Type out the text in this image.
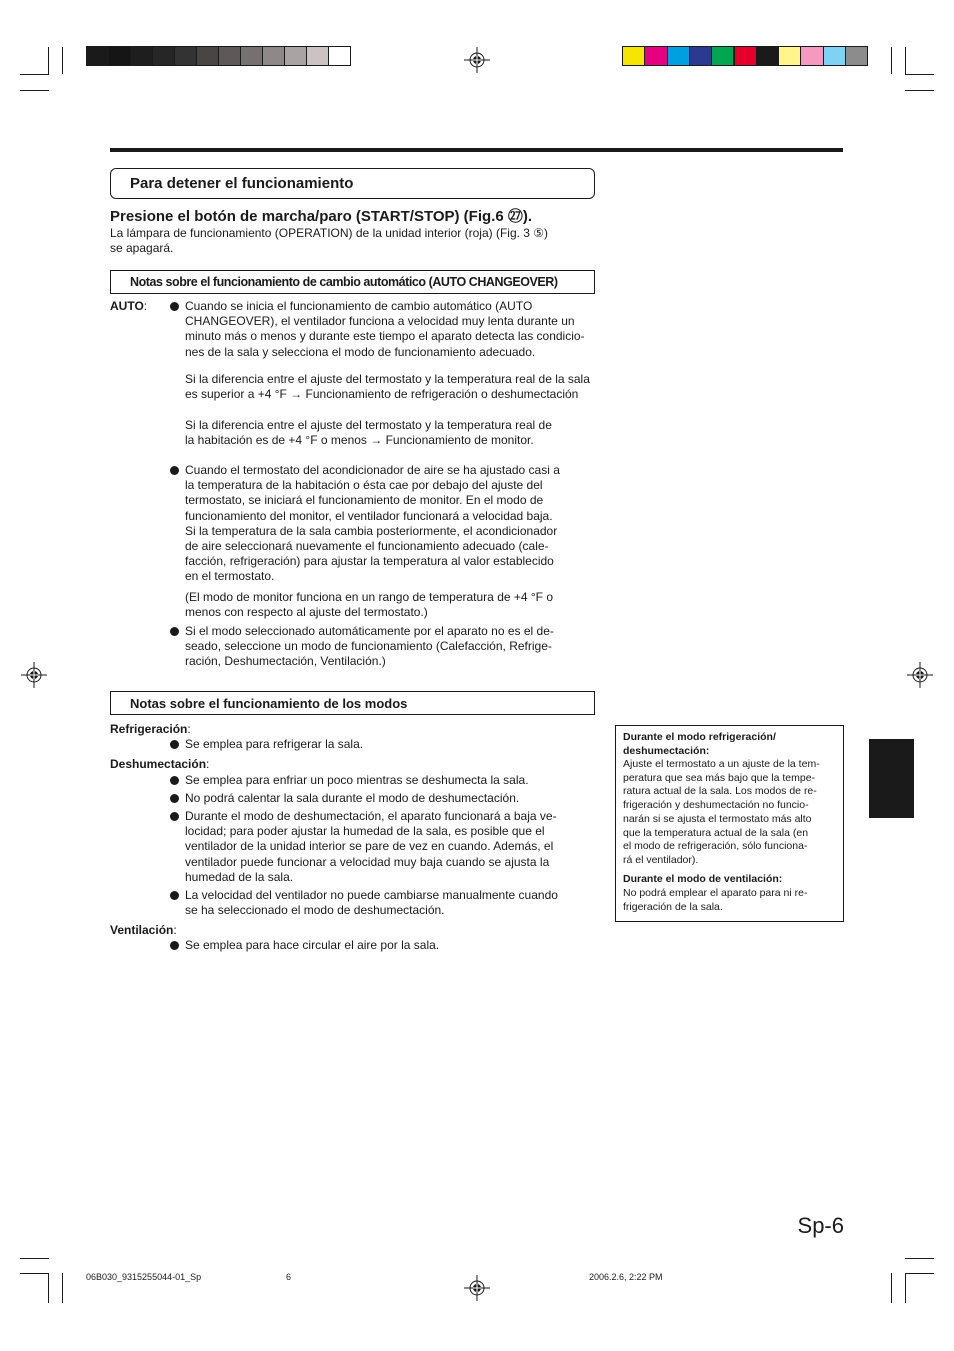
Para detener el funcionamiento
Presione el botón de marcha/paro (START/STOP) (Fig.6 ㉗).
La lámpara de funcionamiento (OPERATION) de la unidad interior (roja) (Fig. 3 ⑤)
se apagará.
Notas sobre el funcionamiento de cambio automático (AUTO CHANGEOVER)
AUTO:	Cuando se inicia el funcionamiento de cambio automático (AUTO
CHANGEOVER), el ventilador funciona a velocidad muy lenta durante un
minuto más o menos y durante este tiempo el aparato detecta las condicio-
nes de la sala y selecciona el modo de funcionamiento adecuado.
Si la diferencia entre el ajuste del termostato y la temperatura real de la sala
es superior a +4 °F → Funcionamiento de refrigeración o deshumectación
Si la diferencia entre el ajuste del termostato y la temperatura real de
la habitación es de +4 °F o menos → Funcionamiento de monitor.
Cuando el termostato del acondicionador de aire se ha ajustado casi a
la temperatura de la habitación o ésta cae por debajo del ajuste del
termostato, se iniciará el funcionamiento de monitor. En el modo de
funcionamiento del monitor, el ventilador funcionará a velocidad baja.
Si la temperatura de la sala cambia posteriormente, el acondicionador
de aire seleccionará nuevamente el funcionamiento adecuado (cale-
facción, refrigeración) para ajustar la temperatura al valor establecido
en el termostato.
(El modo de monitor funciona en un rango de temperatura de +4 °F o
menos con respecto al ajuste del termostato.)
Si el modo seleccionado automáticamente por el aparato no es el de-
seado, seleccione un modo de funcionamiento (Calefacción, Refrige-
ración, Deshumectación, Ventilación.)
Notas sobre el funcionamiento de los modos
Refrigeración:
Se emplea para refrigerar la sala.
Deshumectación:
Se emplea para enfriar un poco mientras se deshumecta la sala.
No podrá calentar la sala durante el modo de deshumectación.
Durante el modo de deshumectación, el aparato funcionará a baja ve-
locidad; para poder ajustar la humedad de la sala, es posible que el
ventilador de la unidad interior se pare de vez en cuando. Además, el
ventilador puede funcionar a velocidad muy baja cuando se ajusta la
humedad de la sala.
La velocidad del ventilador no puede cambiarse manualmente cuando
se ha seleccionado el modo de deshumectación.
Ventilación:
Se emplea para hace circular el aire por la sala.
Durante el modo refrigeración/
deshumectación:
Ajuste el termostato a un ajuste de la tem-
peratura que sea más bajo que la tempe-
ratura actual de la sala. Los modos de re-
frigeración y deshumectación no funcio-
narán si se ajusta el termostato más alto
que la temperatura actual de la sala (en
el modo de refrigeración, sólo funciona-
rá el ventilador).
Durante el modo de ventilación:
No podrá emplear el aparato para ni re-
frigeración de la sala.
Sp-6
06B030_9315255044-01_Sp	6	2006.2.6, 2:22 PM
